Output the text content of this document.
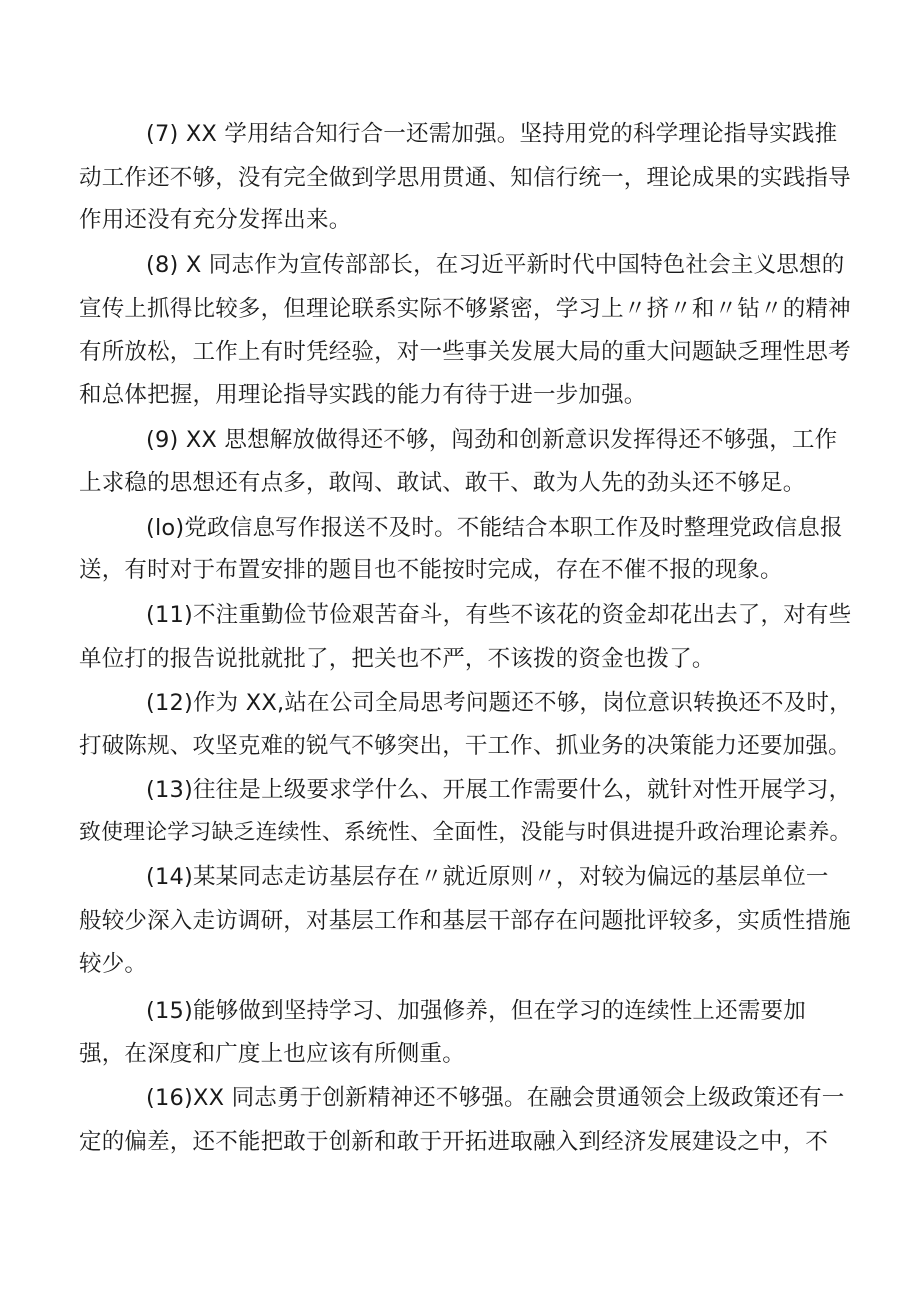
(7) XX 学用结合知行合一还需加强。坚持用党的科学理论指导实践推
动工作还不够，没有完全做到学思用贯通、知信行统一，理论成果的实践指导
作用还没有充分发挥出来。
(8) X 同志作为宣传部部长，在习近平新时代中国特色社会主义思想的
宣传上抓得比较多，但理论联系实际不够紧密，学习上〃挤〃和〃钻〃的精神
有所放松，工作上有时凭经验，对一些事关发展大局的重大问题缺乏理性思考
和总体把握，用理论指导实践的能力有待于进一步加强。
(9) XX 思想解放做得还不够，闯劲和创新意识发挥得还不够强，工作
上求稳的思想还有点多，敢闯、敢试、敢干、敢为人先的劲头还不够足。
(lo)党政信息写作报送不及时。不能结合本职工作及时整理党政信息报
送，有时对于布置安排的题目也不能按时完成，存在不催不报的现象。
(11)不注重勤俭节俭艰苦奋斗，有些不该花的资金却花出去了，对有些
单位打的报告说批就批了，把关也不严，不该拨的资金也拨了。
(12)作为 XX,站在公司全局思考问题还不够，岗位意识转换还不及时，
打破陈规、攻坚克难的锐气不够突出，干工作、抓业务的决策能力还要加强。
(13)往往是上级要求学什么、开展工作需要什么，就针对性开展学习，
致使理论学习缺乏连续性、系统性、全面性，没能与时俱进提升政治理论素养。
(14)某某同志走访基层存在〃就近原则〃，对较为偏远的基层单位一
般较少深入走访调研，对基层工作和基层干部存在问题批评较多，实质性措施
较少。
(15)能够做到坚持学习、加强修养，但在学习的连续性上还需要加
强，在深度和广度上也应该有所侧重。
(16)XX 同志勇于创新精神还不够强。在融会贯通领会上级政策还有一
定的偏差，还不能把敢于创新和敢于开拓进取融入到经济发展建设之中，不
